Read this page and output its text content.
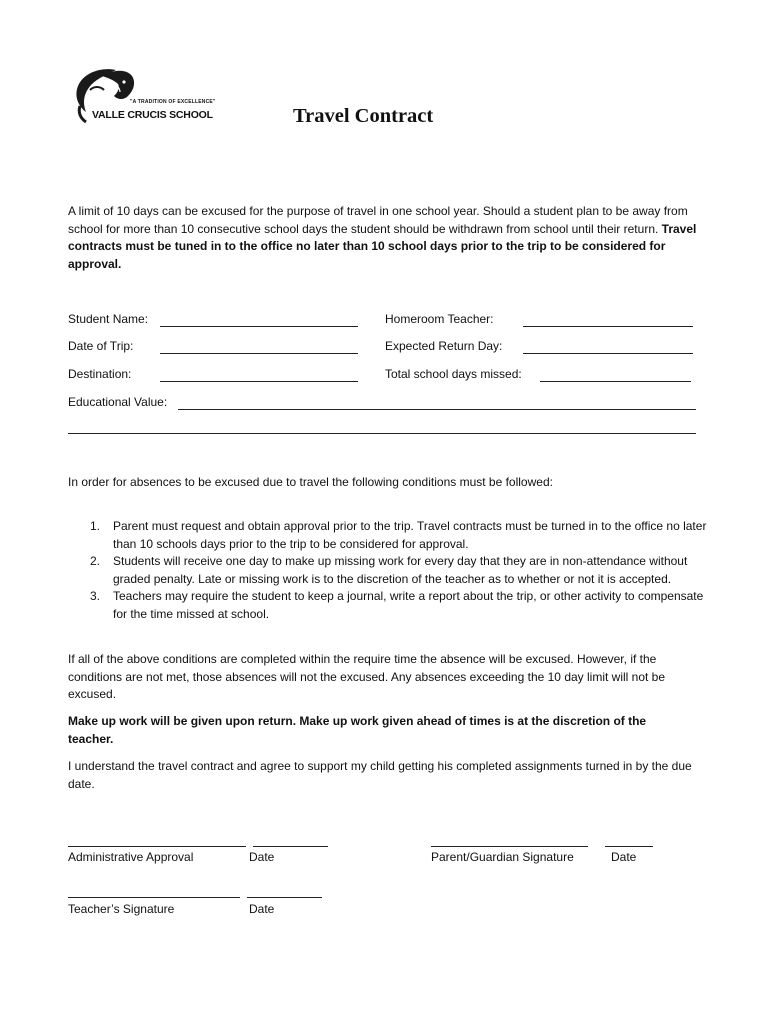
"A TRADITION OF EXCELLENCE"
VALLE CRUCIS SCHOOL	Travel Contract
A limit of 10 days can be excused for the purpose of travel in one school year. Should a student plan to be away from school for more than 10 consecutive school days the student should be withdrawn from school until their return. Travel contracts must be tuned in to the office no later than 10 school days prior to the trip to be considered for approval.
Student Name:	Homeroom Teacher:
Date of Trip:	Expected Return Day:
Destination:	Total school days missed:
Educational Value:
In order for absences to be excused due to travel the following conditions must be followed:
1. Parent must request and obtain approval prior to the trip. Travel contracts must be turned in to the office no later than 10 schools days prior to the trip to be considered for approval.
2. Students will receive one day to make up missing work for every day that they are in non-attendance without graded penalty. Late or missing work is to the discretion of the teacher as to whether or not it is accepted.
3. Teachers may require the student to keep a journal, write a report about the trip, or other activity to compensate for the time missed at school.
If all of the above conditions are completed within the require time the absence will be excused. However, if the conditions are not met, those absences will not the excused. Any absences exceeding the 10 day limit will not be excused.
Make up work will be given upon return. Make up work given ahead of times is at the discretion of the teacher.
I understand the travel contract and agree to support my child getting his completed assignments turned in by the due date.
Administrative Approval	Date	Parent/Guardian Signature	Date
Teacher’s Signature	Date
